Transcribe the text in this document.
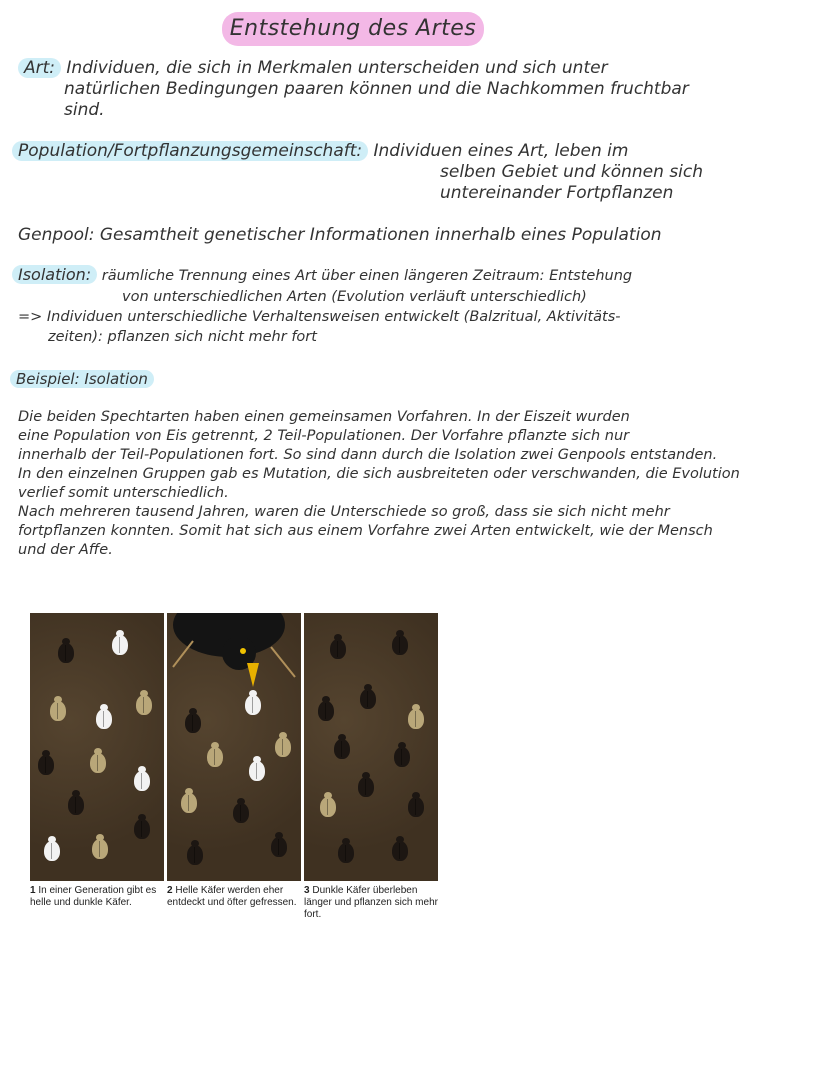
Entstehung des Artes
Art: Individuen, die sich in Merkmalen unterscheiden und sich unter
natürlichen Bedingungen paaren können und die Nachkommen fruchtbar
sind.
Population/Fortpflanzungsgemeinschaft: Individuen eines Art, leben im
selben Gebiet und können sich
untereinander Fortpflanzen
Genpool: Gesamtheit genetischer Informationen innerhalb eines Population
Isolation: räumliche Trennung eines Art über einen längeren Zeitraum: Entstehung
von unterschiedlichen Arten (Evolution verläuft unterschiedlich)
=> Individuen unterschiedliche Verhaltensweisen entwickelt (Balzritual, Aktivitäts-
zeiten): pflanzen sich nicht mehr fort
Beispiel: Isolation
Die beiden Spechtarten haben einen gemeinsamen Vorfahren. In der Eiszeit wurden
eine Population von Eis getrennt, 2 Teil-Populationen. Der Vorfahre pflanzte sich nur
innerhalb der Teil-Populationen fort. So sind dann durch die Isolation zwei Genpools entstanden.
In den einzelnen Gruppen gab es Mutation, die sich ausbreiteten oder verschwanden, die Evolution
verlief somit unterschiedlich.
Nach mehreren tausend Jahren, waren die Unterschiede so groß, dass sie sich nicht mehr
fortpflanzen konnten. Somit hat sich aus einem Vorfahre zwei Arten entwickelt, wie der Mensch
und der Affe.
1 In einer Generation gibt es helle und dunkle Käfer.
2 Helle Käfer werden eher entdeckt und öfter gefressen.
3 Dunkle Käfer überleben länger und pflanzen sich mehr fort.
